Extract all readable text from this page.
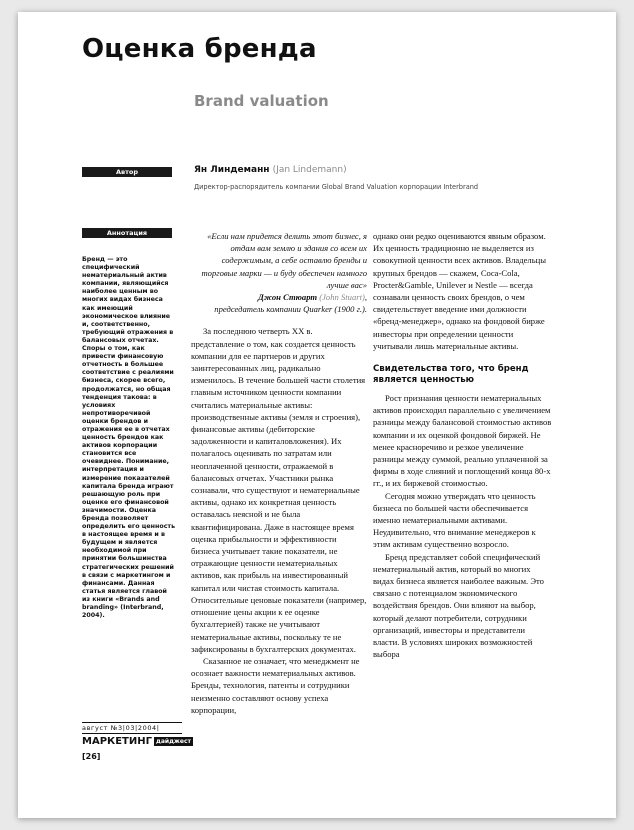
Оценка бренда
Brand valuation
Автор	Ян Линдеманн (Jan Lindemann)
Директор-распорядитель компании Global Brand Valuation корпорации Interbrand
Аннотация

Бренд — это специфический нематериальный актив компании, являющийся наиболее ценным во многих видах бизнеса как имеющий экономическое влияние и, соответственно, требующий отражения в балансовых отчетах. Споры о том, как привести финансовую отчетность в большее соответствие с реалиями бизнеса, скорее всего, продолжатся, но общая тенденция такова: в условиях непротиворечивой оценки брендов и отражения ее в отчетах ценность брендов как активов корпорации становится все очевиднее. Понимание, интерпретация и измерение показателей капитала бренда играют решающую роль при оценке его финансовой значимости. Оценка бренда позволяет определить его ценность в настоящее время и в будущем и является необходимой при принятии большинства стратегических решений в связи с маркетингом и финансами. Данная статья является главой из книги «Brands and branding» (Interbrand, 2004).

август №3|03|2004|
МАРКЕТИНГ дайджест
[26]

«Если нам придется делить этот бизнес, я отдам вам землю и здания со всем их содержимым, а себе оставлю бренды и торговые марки — и буду обеспечен намного лучше вас»
Джон Стюарт (John Stuart),
председатель компании Quarker (1900 г.).

За последнюю четверть XX в. представление о том, как создается ценность компании для ее партнеров и других заинтересованных лиц, радикально изменилось. В течение большей части столетия главным источником ценности компании считались материальные активы: производственные активы (земля и строения), финансовые активы (дебиторские задолженности и капиталовложения). Их полагалось оценивать по затратам или неоплаченной ценности, отражаемой в балансовых отчетах. Участники рынка сознавали, что существуют и нематериальные активы, однако их конкретная ценность оставалась неясной и не была квантифицирована. Даже в настоящее время оценка прибыльности и эффективности бизнеса учитывает такие показатели, не отражающие ценности нематериальных активов, как прибыль на инвестированный капитал или чистая стоимость капитала. Относительные ценовые показатели (например, отношение цены акции к ее оценке бухгалтерией) также не учитывают нематериальные активы, поскольку те не зафиксированы в бухгалтерских документах.

Сказанное не означает, что менеджмент не осознает важности нематериальных активов. Бренды, технология, патенты и сотрудники неизменно составляют основу успеха корпорации,

однако они редко оцениваются явным образом. Их ценность традиционно не выделяется из совокупной ценности всех активов. Владельцы крупных брендов — скажем, Coca-Cola, Procter&Gamble, Unilever и Nestle — всегда сознавали ценность своих брендов, о чем свидетельствует введение ими должности «бренд-менеджер», однако на фондовой бирже инвесторы при определении ценности учитывали лишь материальные активы.

Свидетельства того, что бренд является ценностью

Рост признания ценности нематериальных активов происходил параллельно с увеличением разницы между балансовой стоимостью активов компании и их оценкой фондовой биржей. Не менее красноречиво и резкое увеличение разницы между суммой, реально уплаченной за фирмы в ходе слияний и поглощений конца 80-х гг., и их биржевой стоимостью.

Сегодня можно утверждать что ценность бизнеса по большей части обеспечивается именно нематериальными активами. Неудивительно, что внимание менеджеров к этим активам существенно возросло.

Бренд представляет собой специфический нематериальный актив, который во многих видах бизнеса является наиболее важным. Это связано с потенциалом экономического воздействия брендов. Они влияют на выбор, который делают потребители, сотрудники организаций, инвесторы и представители власти. В условиях широких возможностей выбора
